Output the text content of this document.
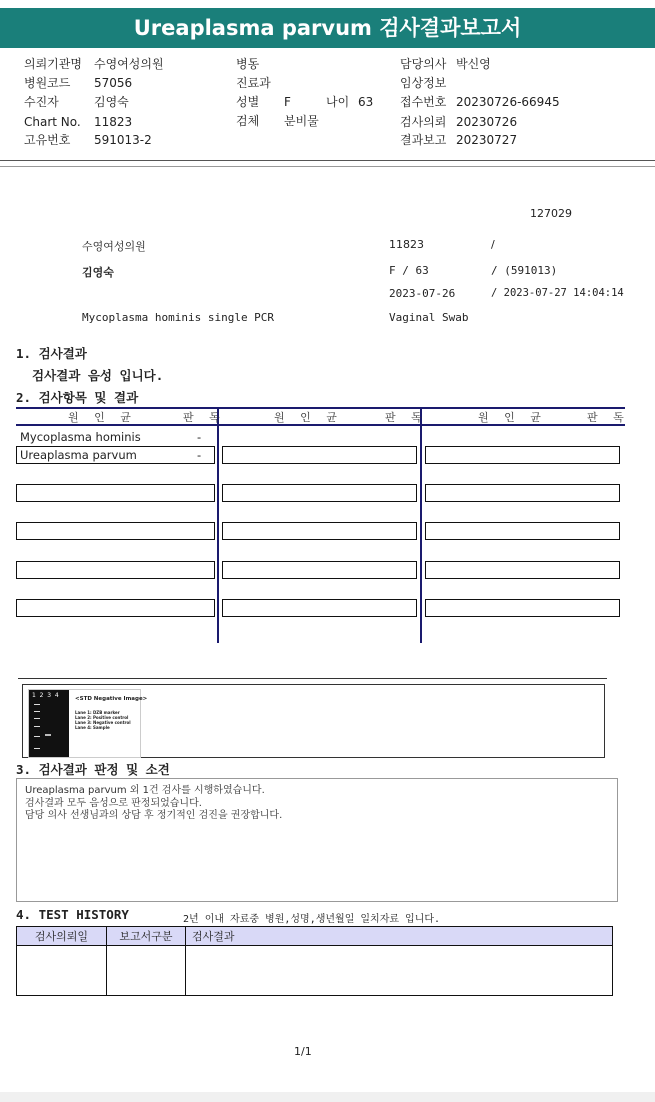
Ureaplasma parvum 검사결과보고서
의뢰기관명 수영여성의원	병동	담당의사 박신영
병원코드 57056	진료과	임상정보
수진자	김영숙	성별 F	나이 63 접수번호 20230726-66945
Chart No. 11823	검체 분비물	검사의뢰 20230726
고유번호 591013-2	결과보고 20230727
127029
수영여성의원	11823	/
김영숙	F / 63	/ (591013)
2023-07-26	/ 2023-07-27 14:04:14
Mycoplasma hominis single PCR	Vaginal Swab
1. 검사결과
검사결과 음성 입니다.
2. 검사항목 및 결과
원 인 균	판 독	원 인 균	판 독	원 인 균	판 독
Mycoplasma hominis	-
Ureaplasma parvum	-
1  2  3  4	<STD Negative Image>
Lane 1: DZB marker
Lane 2: Positive control
Lane 3: Negative control
Lane 4: Sample
3. 검사결과 판정 및 소견
Ureaplasma parvum 외 1건 검사를 시행하였습니다.
검사결과 모두 음성으로 판정되었습니다.
담당 의사 선생님과의 상담 후 정기적인 검진을 권장합니다.
4. TEST HISTORY	2년 이내 자료중 병원,성명,생년월일 일치자료 입니다.
검사의뢰일	보고서구분	검사결과

1/1
